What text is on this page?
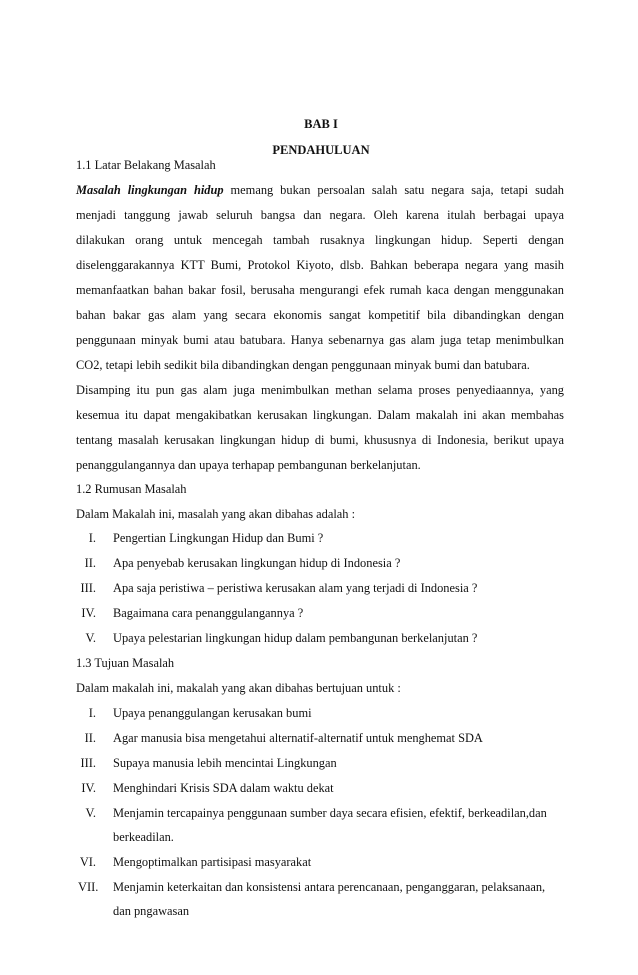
BAB I
PENDAHULUAN
1.1 Latar Belakang Masalah
Masalah lingkungan hidup memang bukan persoalan salah satu negara saja, tetapi sudah
menjadi tanggung jawab seluruh bangsa dan negara. Oleh karena itulah berbagai upaya
dilakukan orang untuk mencegah tambah rusaknya lingkungan hidup. Seperti dengan
diselenggarakannya KTT Bumi, Protokol Kiyoto, dlsb. Bahkan beberapa negara yang masih
memanfaatkan bahan bakar fosil, berusaha mengurangi efek rumah kaca dengan menggunakan
bahan bakar gas alam yang secara ekonomis sangat kompetitif bila dibandingkan dengan
penggunaan minyak bumi atau batubara. Hanya sebenarnya gas alam juga tetap menimbulkan
CO2, tetapi lebih sedikit bila dibandingkan dengan penggunaan minyak bumi dan batubara.
Disamping itu pun gas alam juga menimbulkan methan selama proses penyediaannya, yang
kesemua itu dapat mengakibatkan kerusakan lingkungan. Dalam makalah ini akan membahas
tentang masalah kerusakan lingkungan hidup di bumi, khususnya di Indonesia, berikut upaya
penanggulangannya dan upaya terhapap pembangunan berkelanjutan.
1.2 Rumusan Masalah
Dalam Makalah ini, masalah yang akan dibahas adalah :
I. Pengertian Lingkungan Hidup dan Bumi ?
II. Apa penyebab kerusakan lingkungan hidup di Indonesia ?
III. Apa saja peristiwa – peristiwa kerusakan alam yang terjadi di Indonesia ?
IV. Bagaimana cara penanggulangannya ?
V. Upaya pelestarian lingkungan hidup dalam pembangunan berkelanjutan ?
1.3 Tujuan Masalah
Dalam makalah ini, makalah yang akan dibahas bertujuan untuk :
I. Upaya penanggulangan kerusakan bumi
II. Agar manusia bisa mengetahui alternatif-alternatif untuk menghemat SDA
III. Supaya manusia lebih mencintai Lingkungan
IV. Menghindari Krisis SDA dalam waktu dekat
V. Menjamin tercapainya penggunaan sumber daya secara efisien, efektif, berkeadilan,dan
berkeadilan.
VI. Mengoptimalkan partisipasi masyarakat
VII. Menjamin keterkaitan dan konsistensi antara perencanaan, penganggaran, pelaksanaan,
dan pngawasan
